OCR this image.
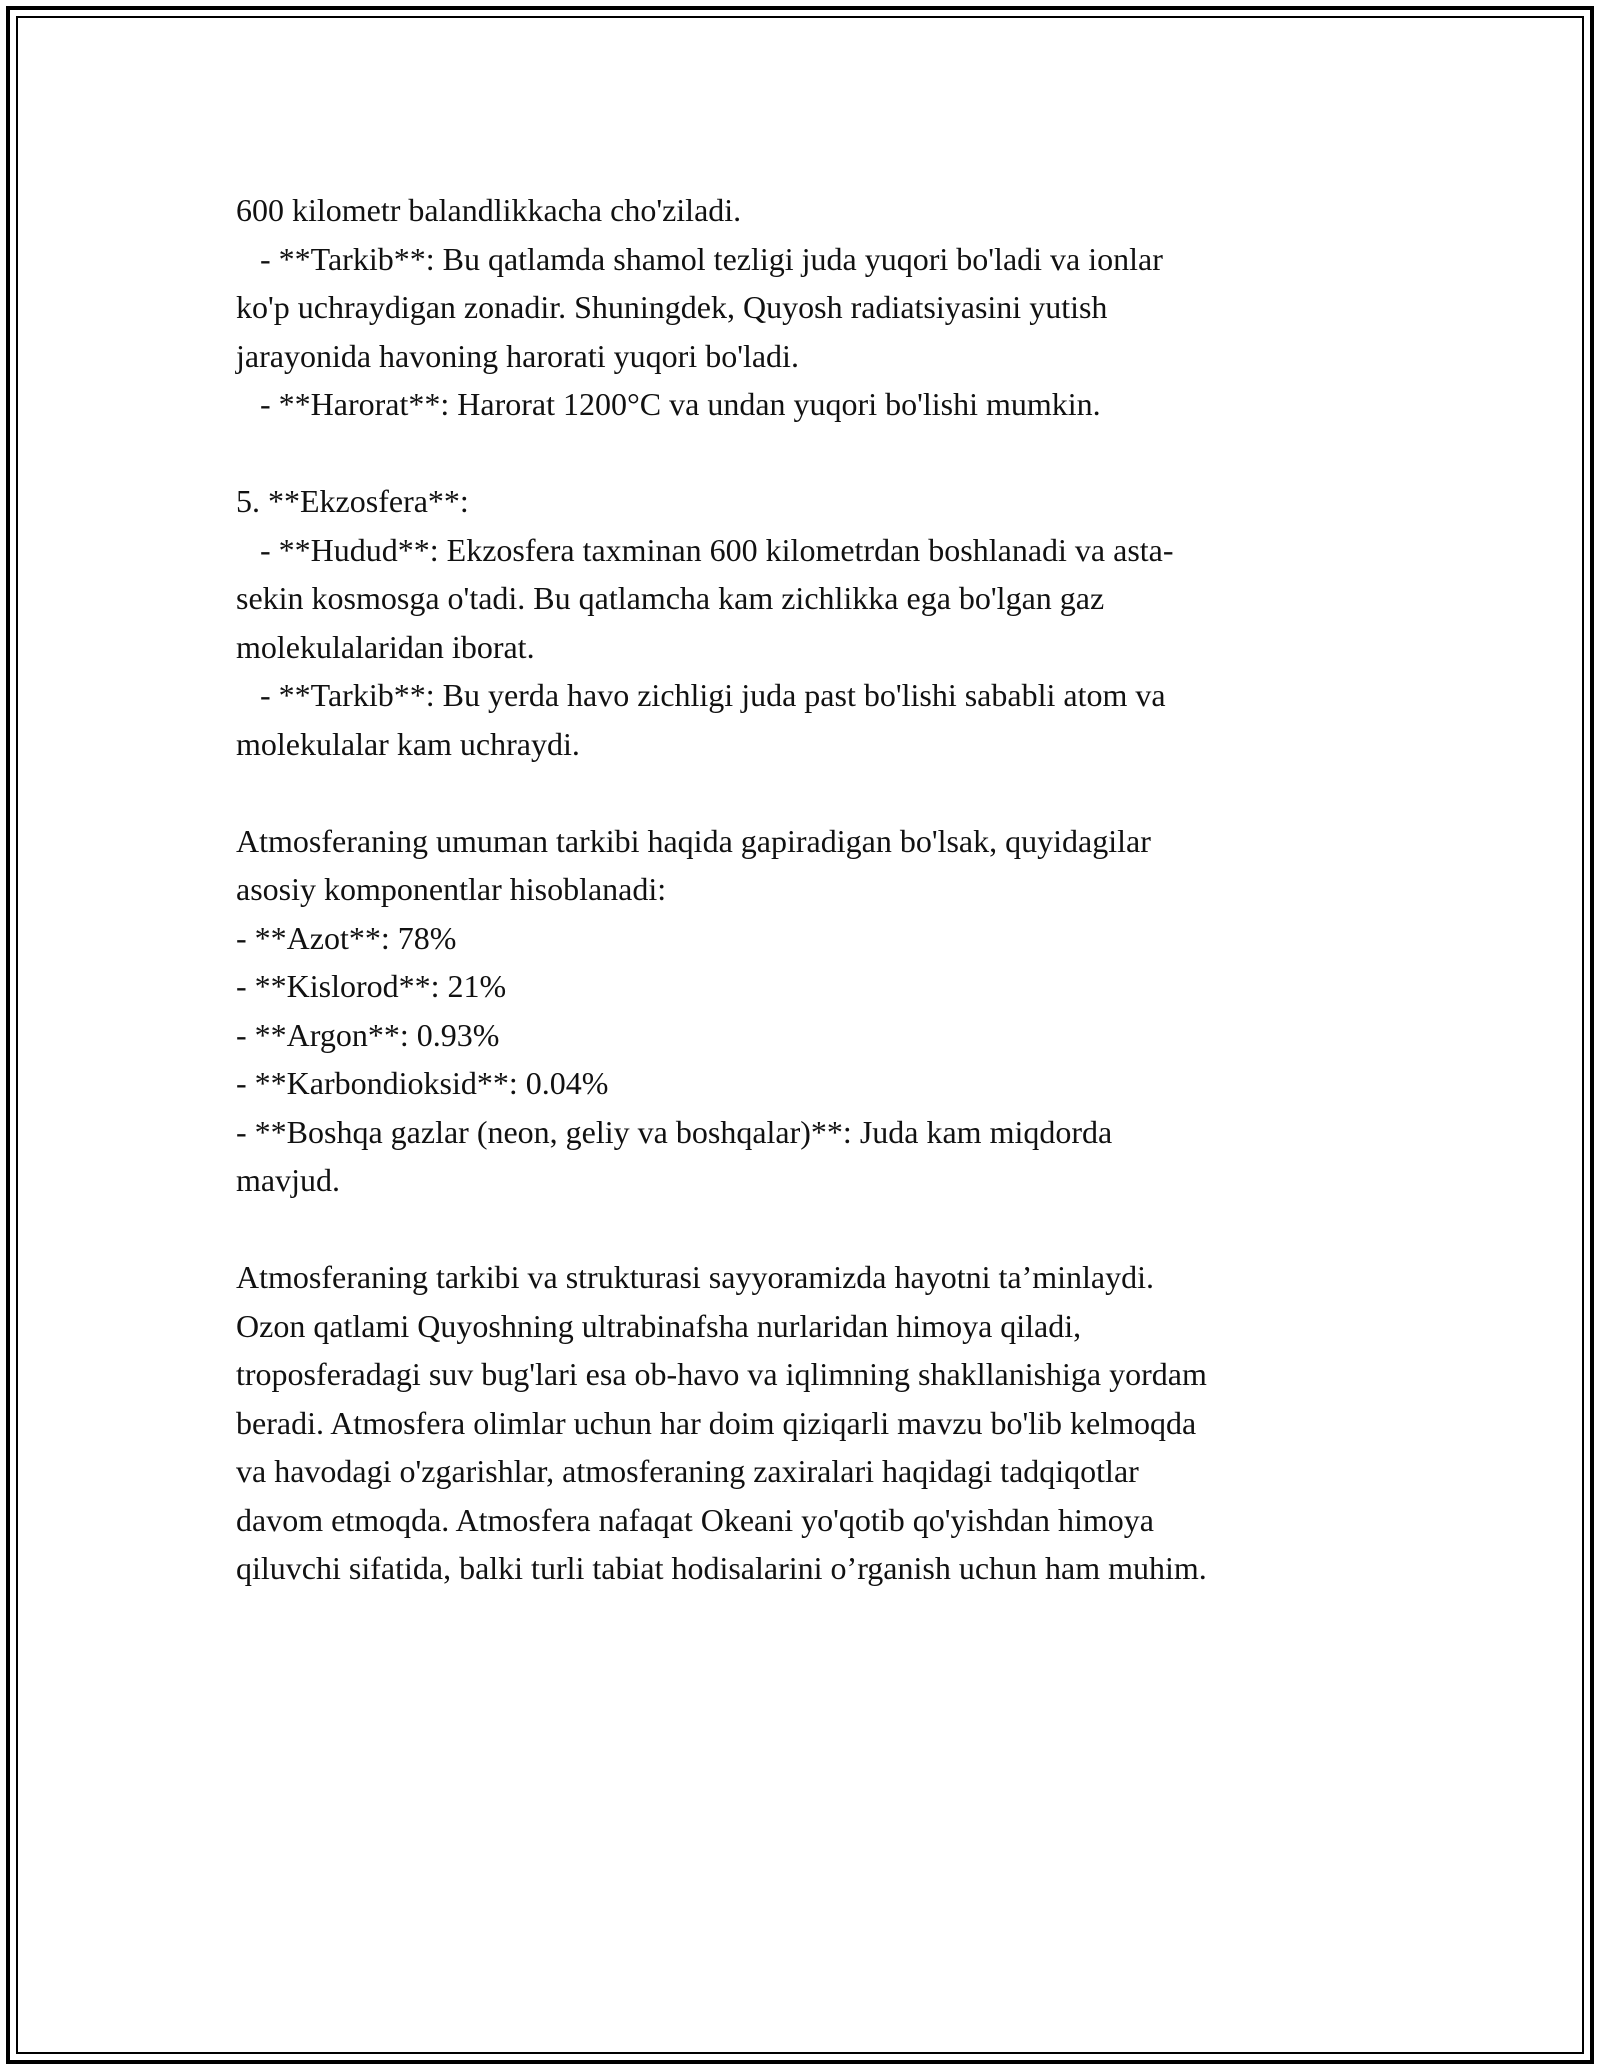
600 kilometr balandlikkacha cho'ziladi.
- **Tarkib**: Bu qatlamda shamol tezligi juda yuqori bo'ladi va ionlar
ko'p uchraydigan zonadir. Shuningdek, Quyosh radiatsiyasini yutish
jarayonida havoning harorati yuqori bo'ladi.
- **Harorat**: Harorat 1200°C va undan yuqori bo'lishi mumkin.
5. **Ekzosfera**:
- **Hudud**: Ekzosfera taxminan 600 kilometrdan boshlanadi va asta-
sekin kosmosga o'tadi. Bu qatlamcha kam zichlikka ega bo'lgan gaz
molekulalaridan iborat.
- **Tarkib**: Bu yerda havo zichligi juda past bo'lishi sababli atom va
molekulalar kam uchraydi.
Atmosferaning umuman tarkibi haqida gapiradigan bo'lsak, quyidagilar
asosiy komponentlar hisoblanadi:
- **Azot**: 78%
- **Kislorod**: 21%
- **Argon**: 0.93%
- **Karbondioksid**: 0.04%
- **Boshqa gazlar (neon, geliy va boshqalar)**: Juda kam miqdorda
mavjud.
Atmosferaning tarkibi va strukturasi sayyoramizda hayotni ta’minlaydi.
Ozon qatlami Quyoshning ultrabinafsha nurlaridan himoya qiladi,
troposferadagi suv bug'lari esa ob-havo va iqlimning shakllanishiga yordam
beradi. Atmosfera olimlar uchun har doim qiziqarli mavzu bo'lib kelmoqda
va havodagi o'zgarishlar, atmosferaning zaxiralari haqidagi tadqiqotlar
davom etmoqda. Atmosfera nafaqat Okeani yo'qotib qo'yishdan himoya
qiluvchi sifatida, balki turli tabiat hodisalarini o’rganish uchun ham muhim.
